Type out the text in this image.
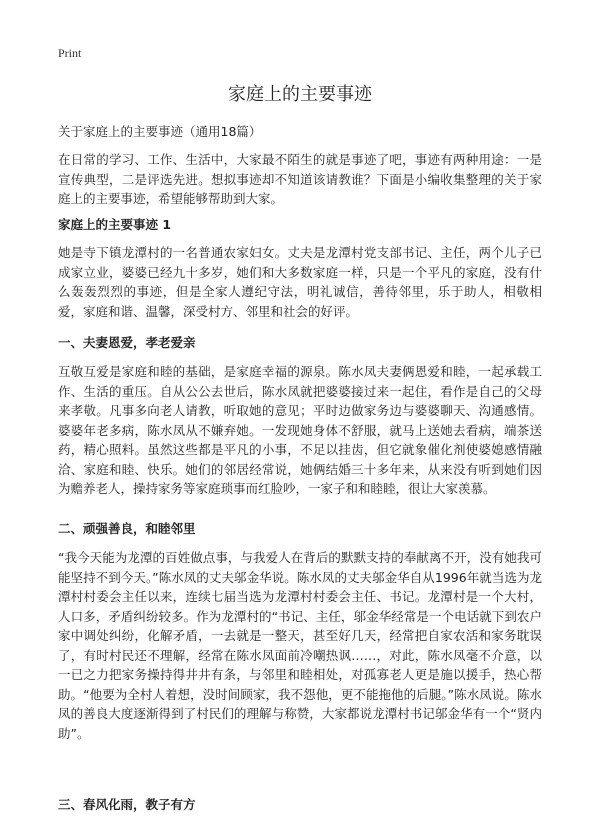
Print
家庭上的主要事迹
关于家庭上的主要事迹（通用18篇）

在日常的学习、工作、生活中，大家最不陌生的就是事迹了吧，事迹有两种用途：一是宣传典型，二是评选先进。想拟事迹却不知道该请教谁？下面是小编收集整理的关于家庭上的主要事迹，希望能够帮助到大家。

家庭上的主要事迹 1

她是寺下镇龙潭村的一名普通农家妇女。丈夫是龙潭村党支部书记、主任，两个儿子已成家立业，婆婆已经九十多岁，她们和大多数家庭一样，只是一个平凡的家庭，没有什么轰轰烈烈的事迹，但是全家人遵纪守法，明礼诚信，善待邻里，乐于助人，相敬相爱，家庭和谐、温馨，深受村方、邻里和社会的好评。

一、夫妻恩爱，孝老爱亲

互敬互爱是家庭和睦的基础，是家庭幸福的源泉。陈水凤夫妻俩恩爱和睦，一起承载工作、生活的重压。自从公公去世后，陈水凤就把婆婆接过来一起住，看作是自己的父母来孝敬。凡事多向老人请教，听取她的意见；平时边做家务边与婆婆聊天、沟通感情。婆婆年老多病，陈水凤从不嫌弃她。一发现她身体不舒服，就马上送她去看病，端茶送药，精心照料。虽然这些都是平凡的小事，不足以挂齿，但它就象催化剂使婆媳感情融洽、家庭和睦、快乐。她们的邻居经常说，她俩结婚三十多年来，从来没有听到她们因为赡养老人，操持家务等家庭琐事而红脸吵，一家子和和睦睦，很让大家羡慕。

二、顽强善良，和睦邻里

“我今天能为龙潭的百姓做点事，与我爱人在背后的默默支持的奉献离不开，没有她我可能坚持不到今天。”陈水凤的丈夫邬金华说。陈水凤的丈夫邬金华自从1996年就当选为龙潭村村委会主任以来，连续七届当选为龙潭村村委会主任、书记。龙潭村是一个大村，人口多，矛盾纠纷较多。作为龙潭村的“书记、主任，邬金华经常是一个电话就下到农户家中调处纠纷，化解矛盾，一去就是一整天，甚至好几天，经常把自家农活和家务耽误了，有时村民还不理解，经常在陈水凤面前冷嘲热讽……，对此，陈水凤毫不介意，以一已之力把家务操持得井井有条，与邻里和睦相处，对孤寡老人更是施以援手，热心帮助。“他要为全村人着想，没时间顾家，我不怨他，更不能拖他的后腿。”陈水凤说。陈水凤的善良大度逐渐得到了村民们的理解与称赞，大家都说龙潭村书记邬金华有一个“贤内助”。

三、春风化雨，教子有方
